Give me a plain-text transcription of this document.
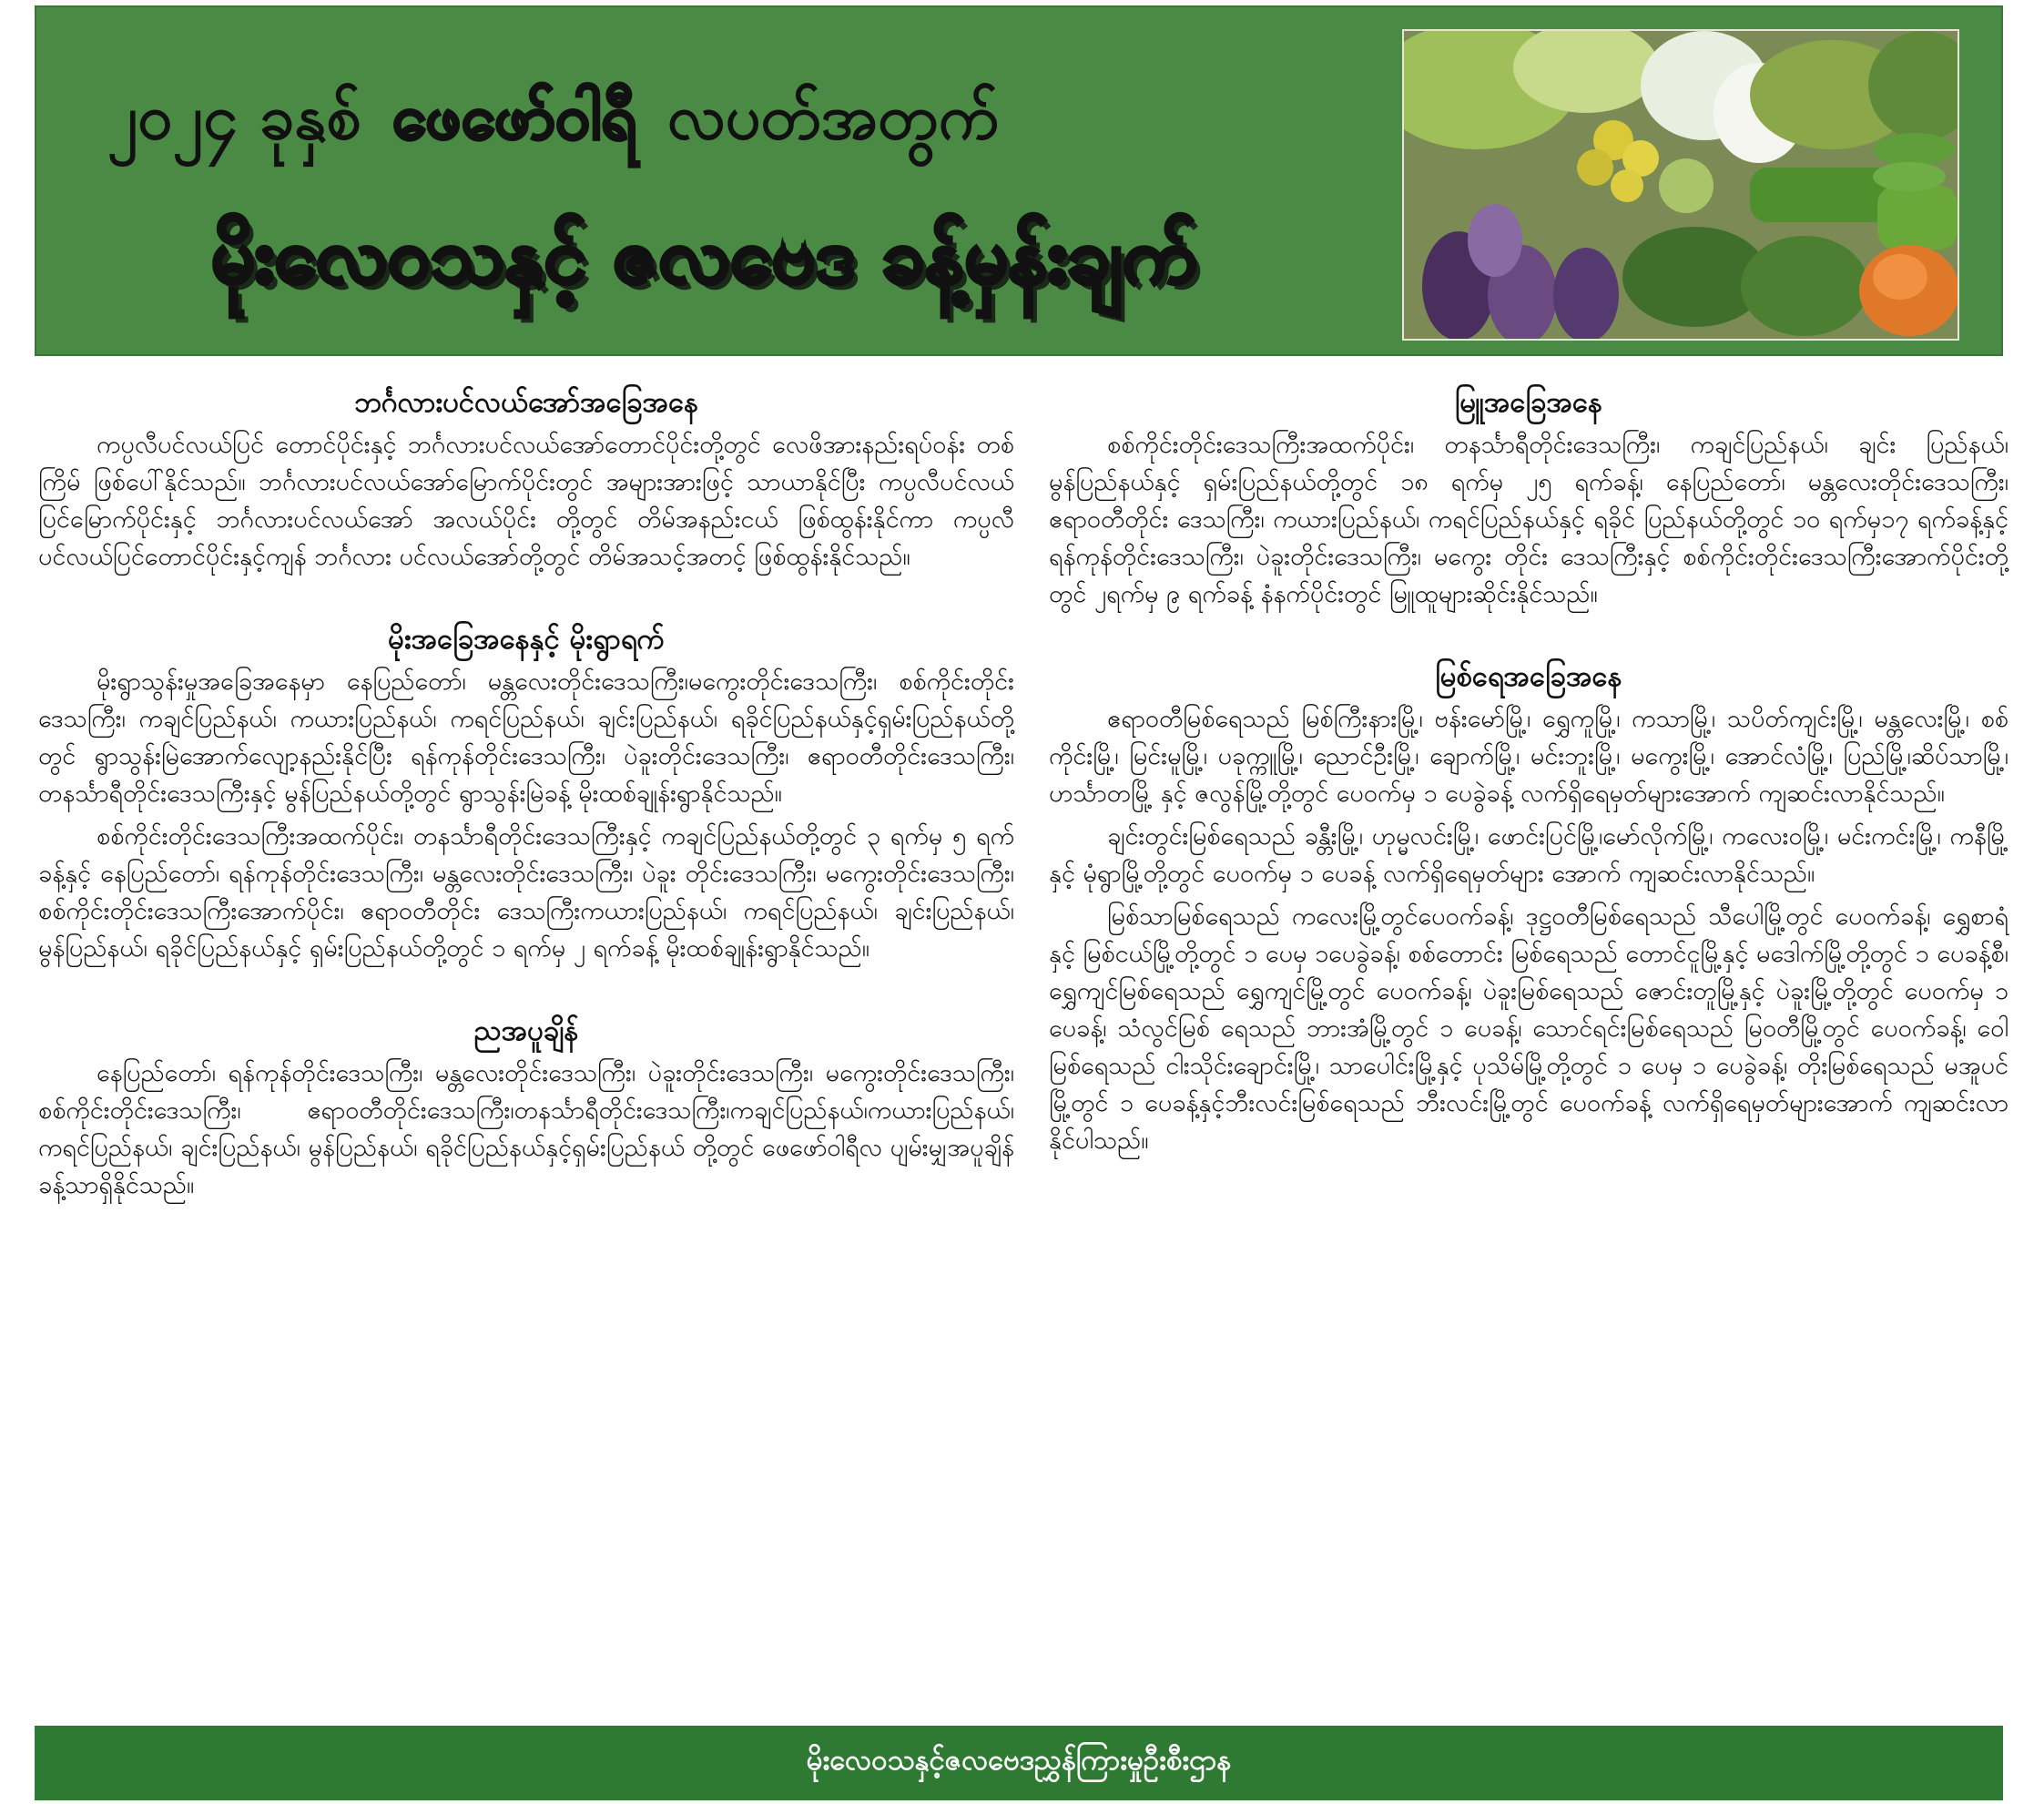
၂၀၂၄ ခုနှစ် ဖေဖော်ဝါရီ လပတ်အတွက်
မိုးလေဝသနှင့် ဇလဗေဒ ခန့်မှန်းချက်
ဘင်္ဂလားပင်လယ်အော်အခြေအနေ

ကပ္ပလီပင်လယ်ပြင် တောင်ပိုင်းနှင့် ဘင်္ဂလားပင်လယ်အော်တောင်ပိုင်းတို့တွင် လေဖိအားနည်းရပ်ဝန်း တစ်ကြိမ် ဖြစ်ပေါ်နိုင်သည်။ ဘင်္ဂလားပင်လယ်အော်မြောက်ပိုင်းတွင် အများအားဖြင့် သာယာနိုင်ပြီး ကပ္ပလီပင်လယ်ပြင်မြောက်ပိုင်းနှင့် ဘင်္ဂလားပင်လယ်အော် အလယ်ပိုင်း တို့တွင် တိမ်အနည်းငယ် ဖြစ်ထွန်းနိုင်ကာ ကပ္ပလီပင်လယ်ပြင်တောင်ပိုင်းနှင့်ကျန် ဘင်္ဂလား ပင်လယ်အော်တို့တွင် တိမ်အသင့်အတင့် ဖြစ်ထွန်းနိုင်သည်။

မိုးအခြေအနေနှင့် မိုးရွာရက်

မိုးရွာသွန်းမှုအခြေအနေမှာ နေပြည်တော်၊ မန္တလေးတိုင်းဒေသကြီး၊မကွေးတိုင်းဒေသကြီး၊ စစ်ကိုင်းတိုင်းဒေသကြီး၊ ကချင်ပြည်နယ်၊ ကယားပြည်နယ်၊ ကရင်ပြည်နယ်၊ ချင်းပြည်နယ်၊ ရခိုင်ပြည်နယ်နှင့်ရှမ်းပြည်နယ်တို့တွင် ရွာသွန်းမြဲအောက်လျော့နည်းနိုင်ပြီး ရန်ကုန်တိုင်းဒေသကြီး၊ ပဲခူးတိုင်းဒေသကြီး၊ ဧရာဝတီတိုင်းဒေသကြီး၊ တနင်္သာရီတိုင်းဒေသကြီးနှင့် မွန်ပြည်နယ်တို့တွင် ရွာသွန်းမြဲခန့် မိုးထစ်ချုန်းရွာနိုင်သည်။

စစ်ကိုင်းတိုင်းဒေသကြီးအထက်ပိုင်း၊ တနင်္သာရီတိုင်းဒေသကြီးနှင့် ကချင်ပြည်နယ်တို့တွင် ၃ ရက်မှ ၅ ရက်ခန့်နှင့် နေပြည်တော်၊ ရန်ကုန်တိုင်းဒေသကြီး၊ မန္တလေးတိုင်းဒေသကြီး၊ ပဲခူး တိုင်းဒေသကြီး၊ မကွေးတိုင်းဒေသကြီး၊ စစ်ကိုင်းတိုင်းဒေသကြီးအောက်ပိုင်း၊ ဧရာဝတီတိုင်း ဒေသကြီးကယားပြည်နယ်၊ ကရင်ပြည်နယ်၊ ချင်းပြည်နယ်၊ မွန်ပြည်နယ်၊ ရခိုင်ပြည်နယ်နှင့် ရှမ်းပြည်နယ်တို့တွင် ၁ ရက်မှ ၂ ရက်ခန့် မိုးထစ်ချုန်းရွာနိုင်သည်။

ညအပူချိန်

နေပြည်တော်၊ ရန်ကုန်တိုင်းဒေသကြီး၊ မန္တလေးတိုင်းဒေသကြီး၊ ပဲခူးတိုင်းဒေသကြီး၊ မကွေးတိုင်းဒေသကြီး၊ စစ်ကိုင်းတိုင်းဒေသကြီး၊ ဧရာဝတီတိုင်းဒေသကြီး၊တနင်္သာရီတိုင်းဒေသကြီး၊ကချင်ပြည်နယ်၊ကယားပြည်နယ်၊ ကရင်ပြည်နယ်၊ ချင်းပြည်နယ်၊ မွန်ပြည်နယ်၊ ရခိုင်ပြည်နယ်နှင့်ရှမ်းပြည်နယ် တို့တွင် ဖေဖော်ဝါရီလ ပျမ်းမျှအပူချိန်ခန့်သာရှိနိုင်သည်။

မြူအခြေအနေ

စစ်ကိုင်းတိုင်းဒေသကြီးအထက်ပိုင်း၊ တနင်္သာရီတိုင်းဒေသကြီး၊ ကချင်ပြည်နယ်၊ ချင်း ပြည်နယ်၊ မွန်ပြည်နယ်နှင့် ရှမ်းပြည်နယ်တို့တွင် ၁၈ ရက်မှ ၂၅ ရက်ခန့်၊ နေပြည်တော်၊ မန္တလေးတိုင်းဒေသကြီး၊ ဧရာဝတီတိုင်း ဒေသကြီး၊ ကယားပြည်နယ်၊ ကရင်ပြည်နယ်နှင့် ရခိုင် ပြည်နယ်တို့တွင် ၁၀ ရက်မှ၁၇ ရက်ခန့်နှင့် ရန်ကုန်တိုင်းဒေသကြီး၊ ပဲခူးတိုင်းဒေသကြီး၊ မကွေး တိုင်း ဒေသကြီးနှင့် စစ်ကိုင်းတိုင်းဒေသကြီးအောက်ပိုင်းတို့တွင် ၂ရက်မှ ၉ ရက်ခန့် နံနက်ပိုင်းတွင် မြူထူများဆိုင်းနိုင်သည်။

မြစ်ရေအခြေအနေ

ဧရာဝတီမြစ်ရေသည် မြစ်ကြီးနားမြို့၊ ဗန်းမော်မြို့၊ ရွှေကူမြို့၊ ကသာမြို့၊ သပိတ်ကျင်းမြို့၊ မန္တလေးမြို့၊ စစ်ကိုင်းမြို့၊ မြင်းမူမြို့၊ ပခုက္ကူမြို့၊ ညောင်ဦးမြို့၊ ချောက်မြို့၊ မင်းဘူးမြို့၊ မကွေးမြို့၊ အောင်လံမြို့၊ ပြည်မြို့၊ဆိပ်သာမြို့၊ ဟင်္သာတမြို့ နှင့် ဇလွန်မြို့တို့တွင် ပေဝက်မှ ၁ ပေခွဲခန့် လက်ရှိရေမှတ်များအောက် ကျဆင်းလာနိုင်သည်။

ချင်းတွင်းမြစ်ရေသည် ခန္တီးမြို့၊ ဟုမ္မလင်းမြို့၊ ဖောင်းပြင်မြို့၊မော်လိုက်မြို့၊ ကလေးဝမြို့၊ မင်းကင်းမြို့၊ ကနီမြို့နှင့် မုံရွာမြို့တို့တွင် ပေဝက်မှ ၁ ပေခန့် လက်ရှိရေမှတ်များ အောက် ကျဆင်းလာနိုင်သည်။

မြစ်သာမြစ်ရေသည် ကလေးမြို့တွင်ပေဝက်ခန့်၊ ဒုဋ္ဌဝတီမြစ်ရေသည် သီပေါမြို့တွင် ပေဝက်ခန့်၊ ရွှေစာရံနှင့် မြစ်ငယ်မြို့တို့တွင် ၁ ပေမှ ၁ပေခွဲခန့်၊ စစ်တောင်း မြစ်ရေသည် တောင်ငူမြို့နှင့် မဒေါက်မြို့တို့တွင် ၁ ပေခန့်စီ၊ ရွှေကျင်မြစ်ရေသည် ရွှေကျင်မြို့တွင် ပေဝက်ခန့်၊ ပဲခူးမြစ်ရေသည် ဇောင်းတူမြို့နှင့် ပဲခူးမြို့တို့တွင် ပေဝက်မှ ၁ ပေခန့်၊ သံလွင်မြစ် ရေသည် ဘားအံမြို့တွင် ၁ ပေခန့်၊ သောင်ရင်းမြစ်ရေသည် မြဝတီမြို့တွင် ပေဝက်ခန့်၊ ဝေါမြစ်ရေသည် ငါးသိုင်းချောင်းမြို့၊ သာပေါင်းမြို့နှင့် ပုသိမ်မြို့တို့တွင် ၁ ပေမှ ၁ ပေခွဲခန့်၊ တိုးမြစ်ရေသည် မအူပင်မြို့တွင် ၁ ပေခန့်နှင့်ဘီးလင်းမြစ်ရေသည် ဘီးလင်းမြို့တွင် ပေဝက်ခန့် လက်ရှိရေမှတ်များအောက် ကျဆင်းလာနိုင်ပါသည်။

မိုးလေဝသနှင့်ဇလဗေဒညွှန်ကြားမှုဦးစီးဌာန
